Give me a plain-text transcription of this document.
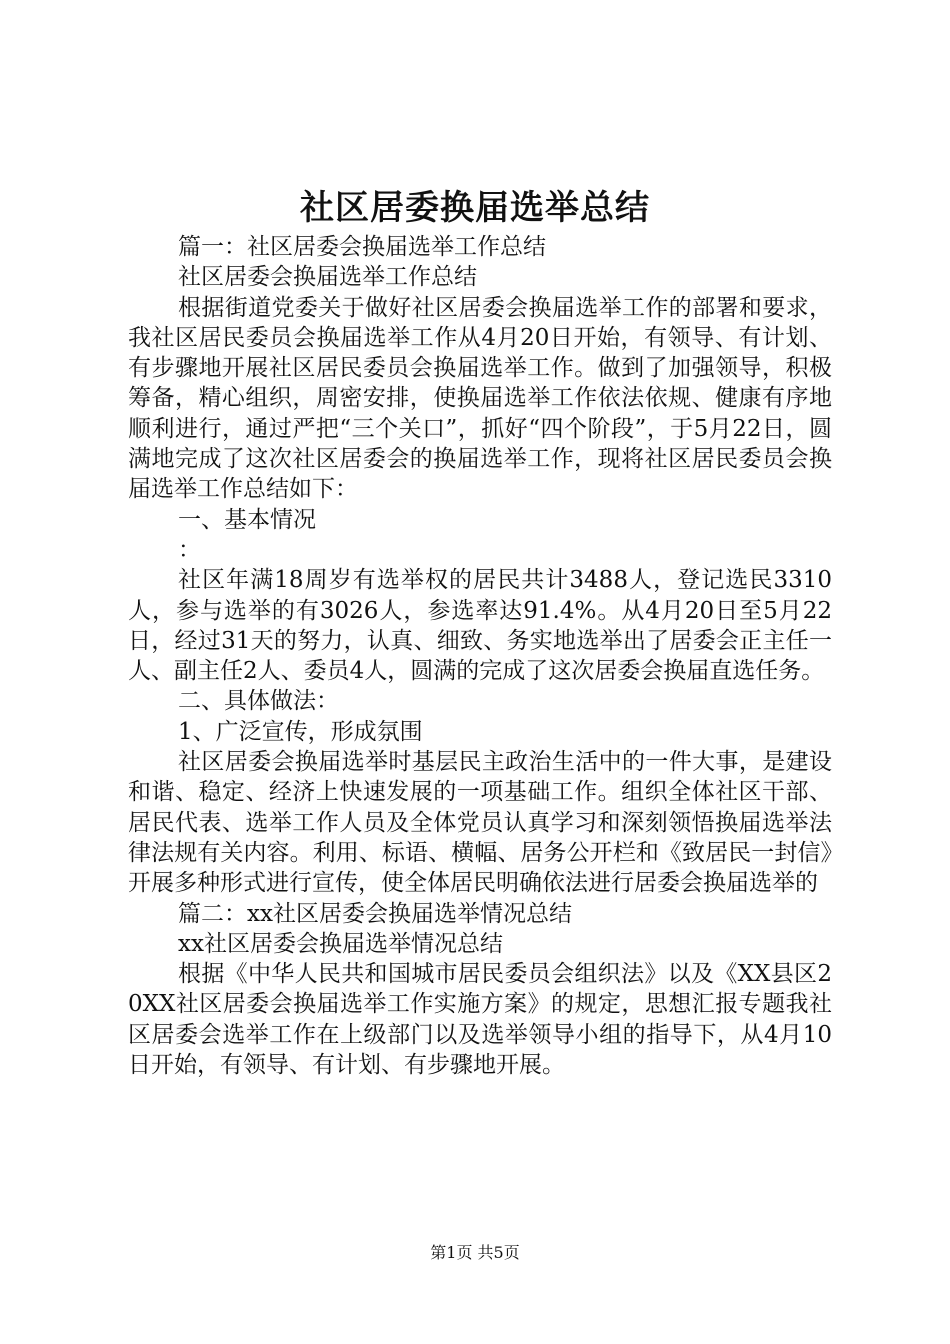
社区居委换届选举总结

篇一：社区居委会换届选举工作总结

社区居委会换届选举工作总结

根据街道党委关于做好社区居委会换届选举工作的部署和要求，我社区居民委员会换届选举工作从4月20日开始，有领导、有计划、有步骤地开展社区居民委员会换届选举工作。做到了加强领导，积极筹备，精心组织，周密安排，使换届选举工作依法依规、健康有序地顺利进行，通过严把“三个关口”，抓好“四个阶段”，于5月22日，圆满地完成了这次社区居委会的换届选举工作，现将社区居民委员会换届选举工作总结如下：

一、基本情况

：

社区年满18周岁有选举权的居民共计3488人，登记选民3310人，参与选举的有3026人，参选率达91.4%。从4月20日至5月22日，经过31天的努力，认真、细致、务实地选举出了居委会正主任一人、副主任2人、委员4人，圆满的完成了这次居委会换届直选任务。

二、具体做法：

1、广泛宣传，形成氛围

社区居委会换届选举时基层民主政治生活中的一件大事，是建设和谐、稳定、经济上快速发展的一项基础工作。组织全体社区干部、居民代表、选举工作人员及全体党员认真学习和深刻领悟换届选举法律法规有关内容。利用、标语、横幅、居务公开栏和《致居民一封信》开展多种形式进行宣传，使全体居民明确依法进行居委会换届选举的

篇二：xx社区居委会换届选举情况总结

xx社区居委会换届选举情况总结

根据《中华人民共和国城市居民委员会组织法》以及《XX县区20XX社区居委会换届选举工作实施方案》的规定，思想汇报专题我社区居委会选举工作在上级部门以及选举领导小组的指导下，从4月10日开始，有领导、有计划、有步骤地开展。

第1页 共5页
